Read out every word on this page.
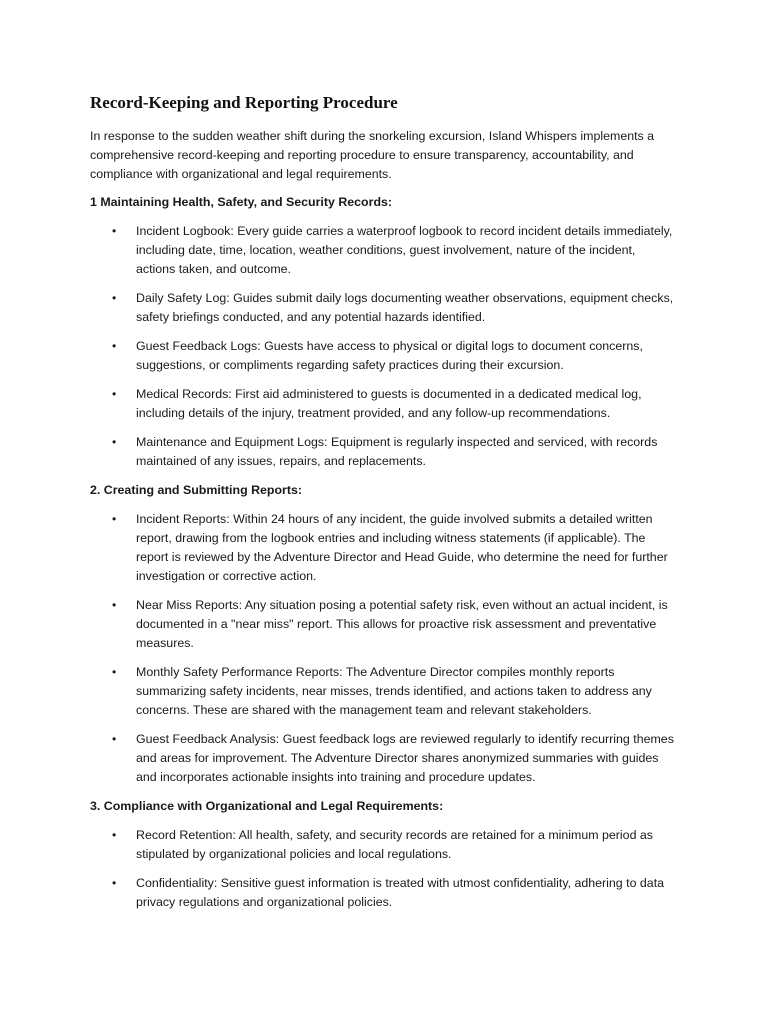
Record-Keeping and Reporting Procedure

In response to the sudden weather shift during the snorkeling excursion, Island Whispers implements a comprehensive record-keeping and reporting procedure to ensure transparency, accountability, and compliance with organizational and legal requirements.

1 Maintaining Health, Safety, and Security Records:
• Incident Logbook: Every guide carries a waterproof logbook to record incident details immediately, including date, time, location, weather conditions, guest involvement, nature of the incident, actions taken, and outcome.
• Daily Safety Log: Guides submit daily logs documenting weather observations, equipment checks, safety briefings conducted, and any potential hazards identified.
• Guest Feedback Logs: Guests have access to physical or digital logs to document concerns, suggestions, or compliments regarding safety practices during their excursion.
• Medical Records: First aid administered to guests is documented in a dedicated medical log, including details of the injury, treatment provided, and any follow-up recommendations.
• Maintenance and Equipment Logs: Equipment is regularly inspected and serviced, with records maintained of any issues, repairs, and replacements.
2. Creating and Submitting Reports:
• Incident Reports: Within 24 hours of any incident, the guide involved submits a detailed written report, drawing from the logbook entries and including witness statements (if applicable). The report is reviewed by the Adventure Director and Head Guide, who determine the need for further investigation or corrective action.
• Near Miss Reports: Any situation posing a potential safety risk, even without an actual incident, is documented in a "near miss" report. This allows for proactive risk assessment and preventative measures.
• Monthly Safety Performance Reports: The Adventure Director compiles monthly reports summarizing safety incidents, near misses, trends identified, and actions taken to address any concerns. These are shared with the management team and relevant stakeholders.
• Guest Feedback Analysis: Guest feedback logs are reviewed regularly to identify recurring themes and areas for improvement. The Adventure Director shares anonymized summaries with guides and incorporates actionable insights into training and procedure updates.
3. Compliance with Organizational and Legal Requirements:
• Record Retention: All health, safety, and security records are retained for a minimum period as stipulated by organizational policies and local regulations.
• Confidentiality: Sensitive guest information is treated with utmost confidentiality, adhering to data privacy regulations and organizational policies.
